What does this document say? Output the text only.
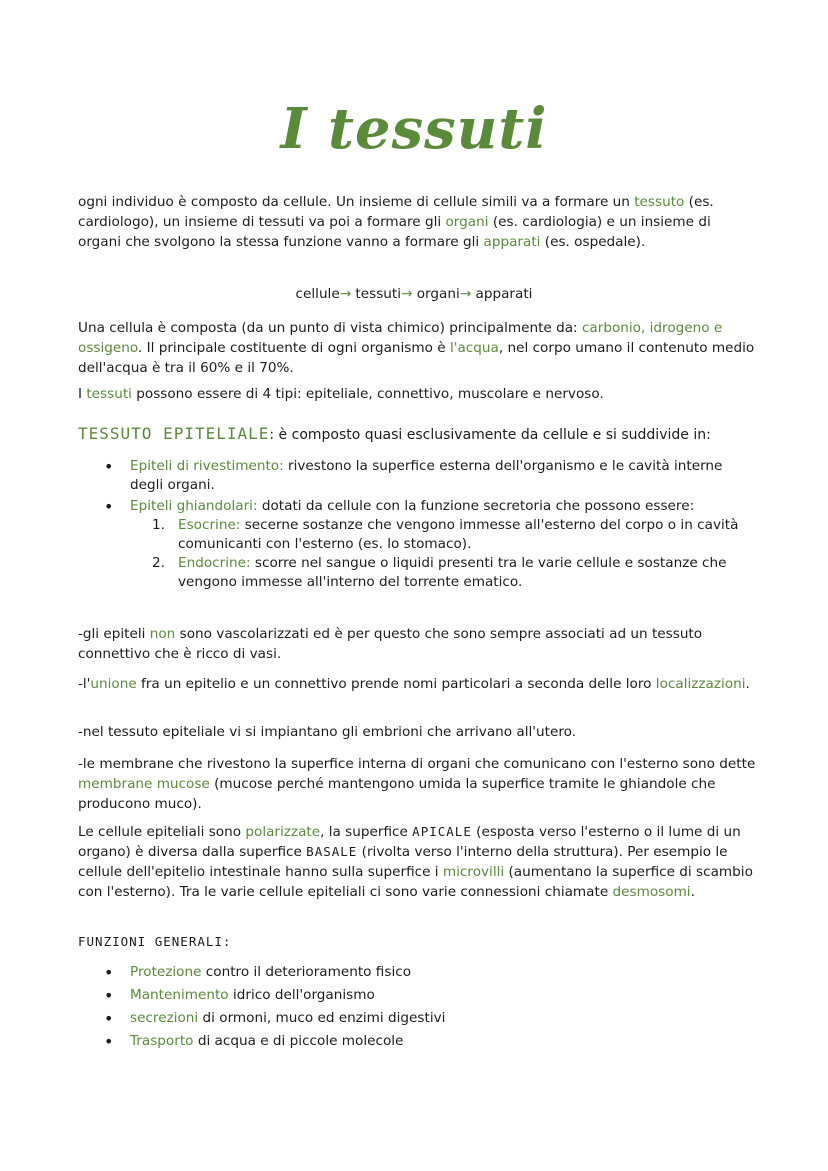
I tessuti

ogni individuo è composto da cellule. Un insieme di cellule simili va a formare un tessuto (es. cardiologo), un insieme di tessuti va poi a formare gli organi (es. cardiologia) e un insieme di organi che svolgono la stessa funzione vanno a formare gli apparati (es. ospedale).

cellule→ tessuti→ organi→ apparati

Una cellula è composta (da un punto di vista chimico) principalmente da: carbonio, idrogeno e ossigeno. Il principale costituente di ogni organismo è l'acqua, nel corpo umano il contenuto medio dell'acqua è tra il 60% e il 70%.

I tessuti possono essere di 4 tipi: epiteliale, connettivo, muscolare e nervoso.

TESSUTO EPITELIALE: è composto quasi esclusivamente da cellule e si suddivide in:

• Epiteli di rivestimento: rivestono la superfice esterna dell'organismo e le cavità interne degli organi.
• Epiteli ghiandolari: dotati da cellule con la funzione secretoria che possono essere:
1. Esocrine: secerne sostanze che vengono immesse all'esterno del corpo o in cavità comunicanti con l'esterno (es. lo stomaco).
2. Endocrine: scorre nel sangue o liquidi presenti tra le varie cellule e sostanze che vengono immesse all'interno del torrente ematico.

-gli epiteli non sono vascolarizzati ed è per questo che sono sempre associati ad un tessuto connettivo che è ricco di vasi.

-l'unione fra un epitelio e un connettivo prende nomi particolari a seconda delle loro localizzazioni.

-nel tessuto epiteliale vi si impiantano gli embrioni che arrivano all'utero.

-le membrane che rivestono la superfice interna di organi che comunicano con l'esterno sono dette membrane mucose (mucose perché mantengono umida la superfice tramite le ghiandole che producono muco).

Le cellule epiteliali sono polarizzate, la superfice APICALE (esposta verso l'esterno o il lume di un organo) è diversa dalla superfice BASALE (rivolta verso l'interno della struttura). Per esempio le cellule dell'epitelio intestinale hanno sulla superfice i microvilli (aumentano la superfice di scambio con l'esterno). Tra le varie cellule epiteliali ci sono varie connessioni chiamate desmosomi.

FUNZIONI GENERALI:

• Protezione contro il deterioramento fisico
• Mantenimento idrico dell'organismo
• secrezioni di ormoni, muco ed enzimi digestivi
• Trasporto di acqua e di piccole molecole
